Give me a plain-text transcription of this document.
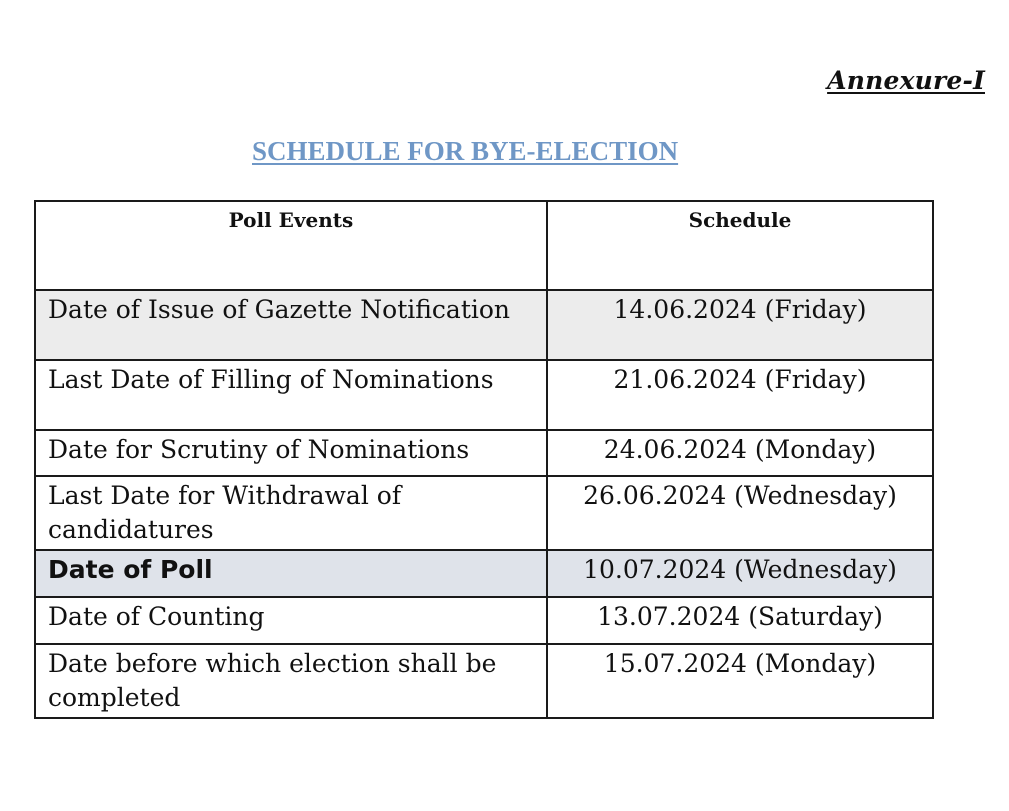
Annexure-I
SCHEDULE FOR BYE-ELECTION
Poll Events	Schedule
Date of Issue of Gazette Notification	14.06.2024 (Friday)
Last Date of Filling of Nominations	21.06.2024 (Friday)
Date for Scrutiny of Nominations	24.06.2024 (Monday)
Last Date for Withdrawal of candidatures	26.06.2024 (Wednesday)
Date of Poll	10.07.2024 (Wednesday)
Date of Counting	13.07.2024 (Saturday)
Date before which election shall be completed	15.07.2024 (Monday)
